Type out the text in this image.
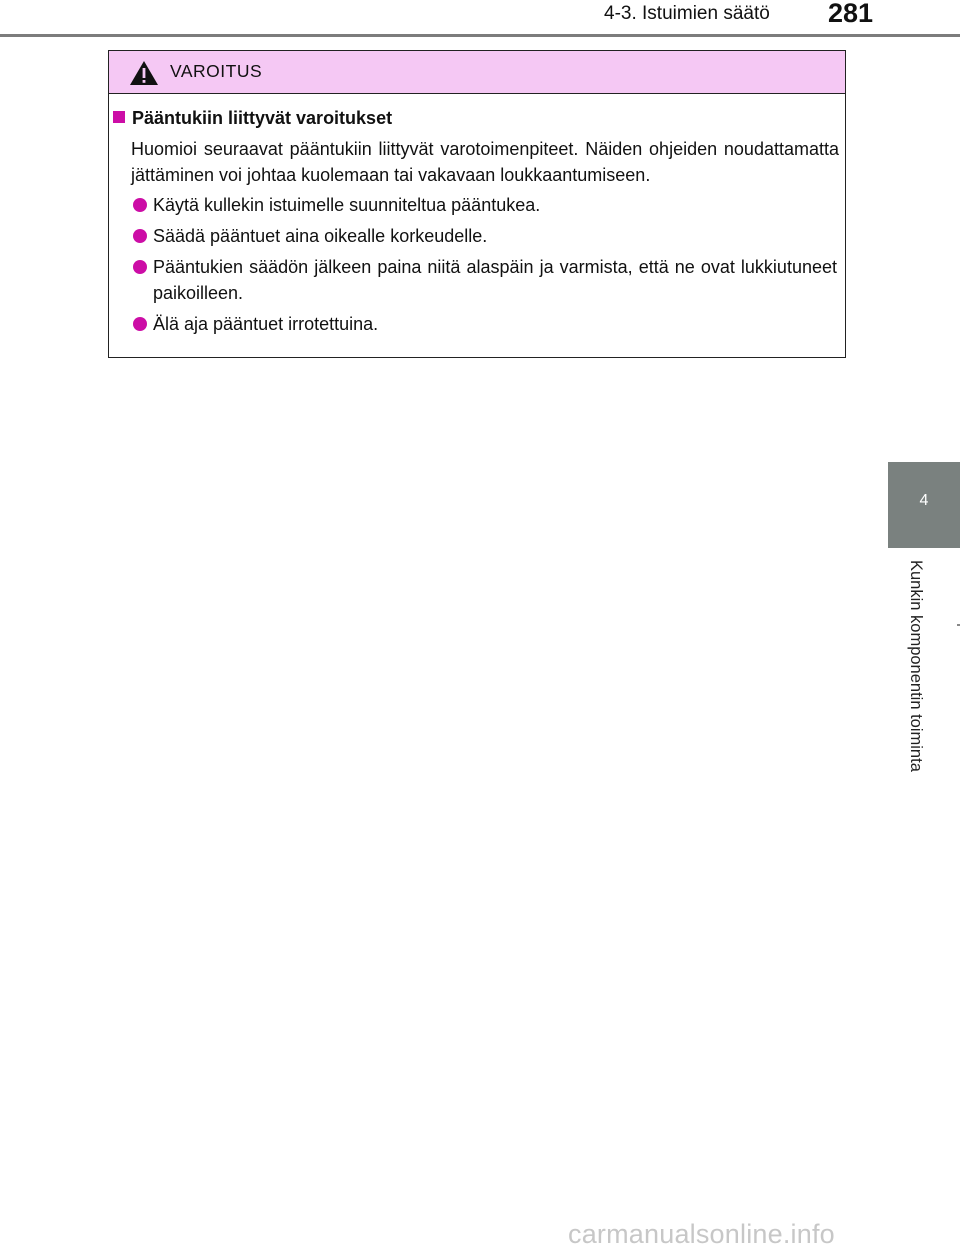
4-3. Istuimien säätö 281
4
Kunkin komponentin toiminta
VAROITUS
Pääntukiin liittyvät varoitukset
Huomioi seuraavat pääntukiin liittyvät varotoimenpiteet. Näiden ohjeiden noudattamatta jättäminen voi johtaa kuolemaan tai vakavaan loukkaantumiseen.
Käytä kullekin istuimelle suunniteltua pääntukea.
Säädä pääntuet aina oikealle korkeudelle.
Pääntukien säädön jälkeen paina niitä alaspäin ja varmista, että ne ovat lukkiutuneet paikoilleen.
Älä aja pääntuet irrotettuina.
carmanualsonline.info
